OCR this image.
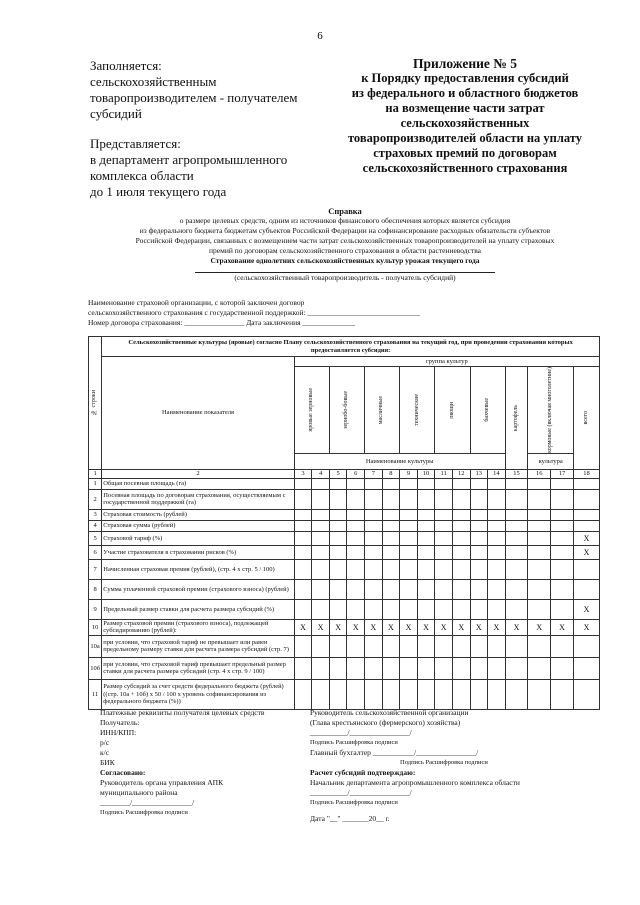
6
Заполняется:
сельскохозяйственным
товаропроизводителем - получателем
субсидий
Представляется:
в департамент агропромышленного
комплекса области
до 1 июля текущего года
Приложение № 5
к Порядку предоставления субсидий
из федерального и областного бюджетов
на возмещение части затрат
сельскохозяйственных
товаропроизводителей области на уплату
страховых премий по договорам
сельскохозяйственного страхования
Справка
о размере целевых средств, одним из источников финансового обеспечения которых является субсидия
из федерального бюджета бюджетам субъектов Российской Федерации на софинансирование расходных обязательств субъектов
Российской Федерации, связанных с возмещением части затрат сельскохозяйственных товаропроизводителей на уплату страховых
премий по договорам сельскохозяйственного страхования в области растениеводства
Страхование однолетних сельскохозяйственных культур урожая текущего года
(сельскохозяйственный товаропроизводитель - получатель субсидий)
Наименование страховой организации, с которой заключен договор
сельскохозяйственного страхования с государственной поддержкой: ______________________________
Номер договора страхования: ________________ Дата заключения ______________
№ строки	Сельскохозяйственные культуры (яровые) согласно Плану сельскохозяйственного страхования на текущий год, при проведении страхования которых предоставляется субсидия:																
	Наименование показателя	группа культур															

		яровые зерновые		зернобо-бовые		масличные		технические		овощи		бахчевые		картофель	кормовые (включая многолетние)		всего

		Наименование культуры													культура		
1	2	3	4	5	6	7	8	9	10	11	12	13	14	15	16	17	18
1	Общая посевная площадь (га)																
2	Посевная площадь по договорам страхования, осуществляемым с государственной поддержкой (га)																
3	Страховая стоимость (рублей)																
4	Страховая сумма (рублей)																
5	Страховой тариф (%)																X
6	Участие страхователя в страховании рисков (%)																X
7	Начисленная страховая премия (рублей), (стр. 4 х стр. 5 / 100)																
8	Сумма уплаченной страховой премии (страхового взноса) (рублей)																
9	Предельный размер ставки для расчета размера субсидий (%)																X
10	Размер страховой премии (страхового взноса), подлежащей субсидированию (рублей):	X	X	X	X	X	X	X	X	X	X	X	X	X	X	X	X
10а	при условии, что страховой тариф не превышает или равен предельному размеру ставки для расчета размера субсидий (стр. 7)																
10б	при условии, что страховой тариф превышает предельный размер ставки для расчета размера субсидий (стр. 4 х стр. 9 / 100)																
11	Размер субсидий за счет средств федерального бюджета (рублей) ((стр. 10а + 10б) х 50 / 100 х уровень софинансирования из федерального бюджета (%))																
Платежные реквизиты получателя целевых средств
Получатель:
ИНН/КПП:
р/с
к/с
БИК
Согласовано:
Руководитель органа управления АПК
муниципального района
________/________________/
Подпись Расшифровка подписи
Руководитель сельскохозяйственной организации
(Глава крестьянского (фермерского) хозяйства)
__________/________________/
Подпись Расшифровка подписи
Главный бухгалтер ___________/________________/
Подпись Расшифровка подписи
Расчет субсидий подтверждаю:
Начальник департамента агропромышленного комплекса области
__________/________________/
Подпись Расшифровка подписи
Дата "__" _______20__ г.
